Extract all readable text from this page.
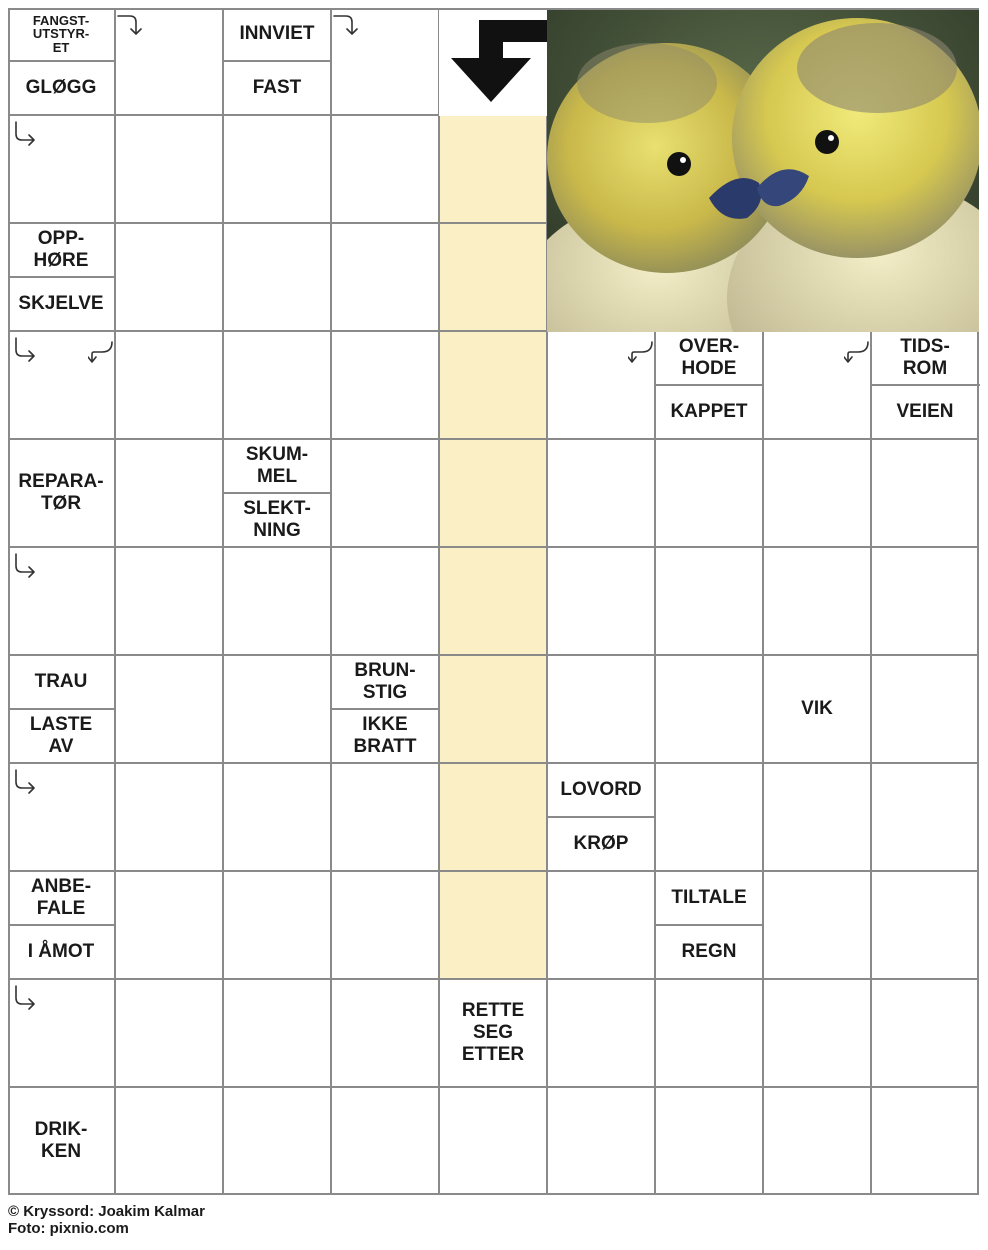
FANGST-
UTSTYR-
ET
GLØGG
INNVIET
FAST
OPP-
HØRE
SKJELVE
OVER-
HODE
KAPPET
TIDS-
ROM
VEIEN
REPARA-
TØR
SKUM-
MEL
SLEKT-
NING
TRAU
LASTE
AV
BRUN-
STIG
IKKE
BRATT
VIK
LOVORD
KRØP
ANBE-
FALE
I ÅMOT
TILTALE
REGN
RETTE
SEG
ETTER
DRIK-
KEN
© Kryssord: Joakim Kalmar
Foto: pixnio.com
